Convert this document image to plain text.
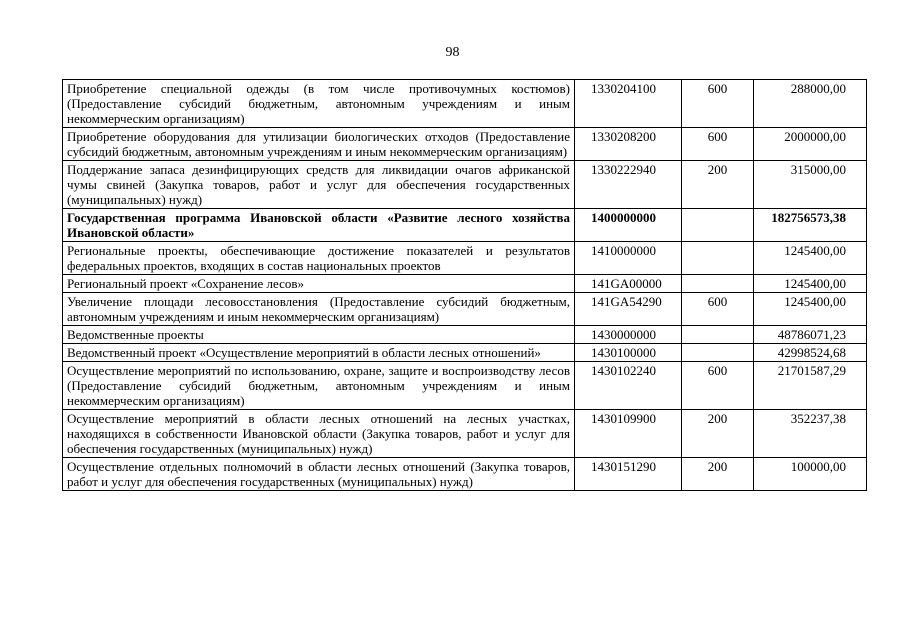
98
Приобретение специальной одежды (в том числе противочумных костюмов) (Предоставление субсидий бюджетным, автономным учреждениям и иным некоммерческим организациям)	1330204100	600	288000,00
Приобретение оборудования для утилизации биологических отходов (Предоставление субсидий бюджетным, автономным учреждениям и иным некоммерческим организациям)	1330208200	600	2000000,00
Поддержание запаса дезинфицирующих средств для ликвидации очагов африканской чумы свиней (Закупка товаров, работ и услуг для обеспечения государственных (муниципальных) нужд)	1330222940	200	315000,00
Государственная программа Ивановской области «Развитие лесного хозяйства Ивановской области»	1400000000		182756573,38
Региональные проекты, обеспечивающие достижение показателей и результатов федеральных проектов, входящих в состав национальных проектов	1410000000		1245400,00
Региональный проект «Сохранение лесов»	141GA00000		1245400,00
Увеличение площади лесовосстановления (Предоставление субсидий бюджетным, автономным учреждениям и иным некоммерческим организациям)	141GA54290	600	1245400,00
Ведомственные проекты	1430000000		48786071,23
Ведомственный проект «Осуществление мероприятий в области лесных отношений»	1430100000		42998524,68
Осуществление мероприятий по использованию, охране, защите и воспроизводству лесов (Предоставление субсидий бюджетным, автономным учреждениям и иным некоммерческим организациям)	1430102240	600	21701587,29
Осуществление мероприятий в области лесных отношений на лесных участках, находящихся в собственности Ивановской области (Закупка товаров, работ и услуг для обеспечения государственных (муниципальных) нужд)	1430109900	200	352237,38
Осуществление отдельных полномочий в области лесных отношений (Закупка товаров, работ и услуг для обеспечения государственных (муниципальных) нужд)	1430151290	200	100000,00
